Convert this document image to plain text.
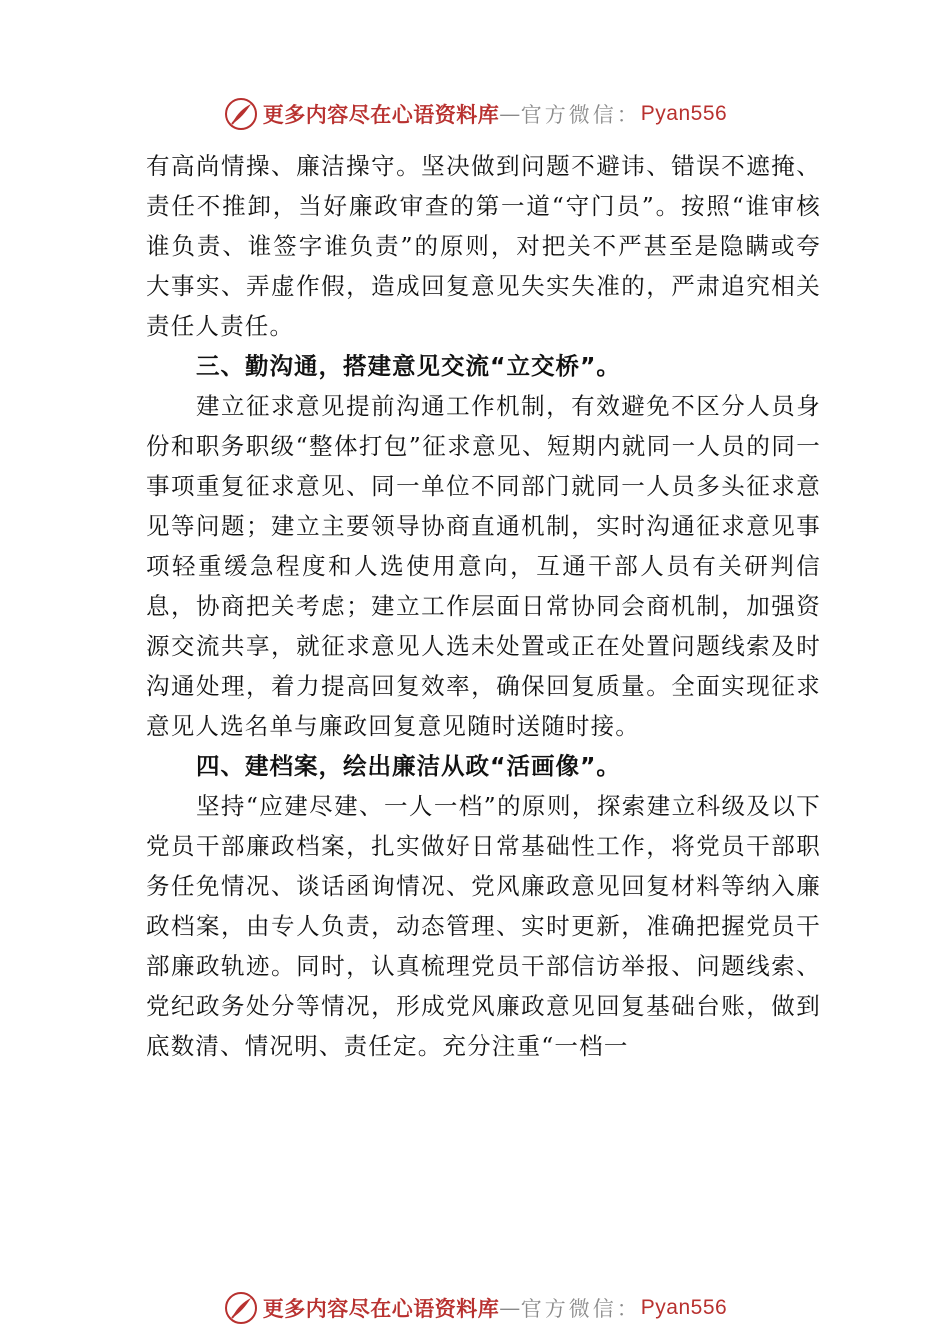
更多内容尽在心语资料库 — 官方微信： Pyan556

有高尚情操、廉洁操守。坚决做到问题不避讳、错误不遮掩、责任不推卸，当好廉政审查的第一道“守门员”。按照“谁审核谁负责、谁签字谁负责”的原则，对把关不严甚至是隐瞒或夸大事实、弄虚作假，造成回复意见失实失准的，严肃追究相关责任人责任。

三、勤沟通，搭建意见交流“立交桥”。

建立征求意见提前沟通工作机制，有效避免不区分人员身份和职务职级“整体打包”征求意见、短期内就同一人员的同一事项重复征求意见、同一单位不同部门就同一人员多头征求意见等问题；建立主要领导协商直通机制，实时沟通征求意见事项轻重缓急程度和人选使用意向，互通干部人员有关研判信息，协商把关考虑；建立工作层面日常协同会商机制，加强资源交流共享，就征求意见人选未处置或正在处置问题线索及时沟通处理，着力提高回复效率，确保回复质量。全面实现征求意见人选名单与廉政回复意见随时送随时接。

四、建档案，绘出廉洁从政“活画像”。

坚持“应建尽建、一人一档”的原则，探索建立科级及以下党员干部廉政档案，扎实做好日常基础性工作，将党员干部职务任免情况、谈话函询情况、党风廉政意见回复材料等纳入廉政档案，由专人负责，动态管理、实时更新，准确把握党员干部廉政轨迹。同时，认真梳理党员干部信访举报、问题线索、党纪政务处分等情况，形成党风廉政意见回复基础台账，做到底数清、情况明、责任定。充分注重“一档一

更多内容尽在心语资料库 — 官方微信： Pyan556
